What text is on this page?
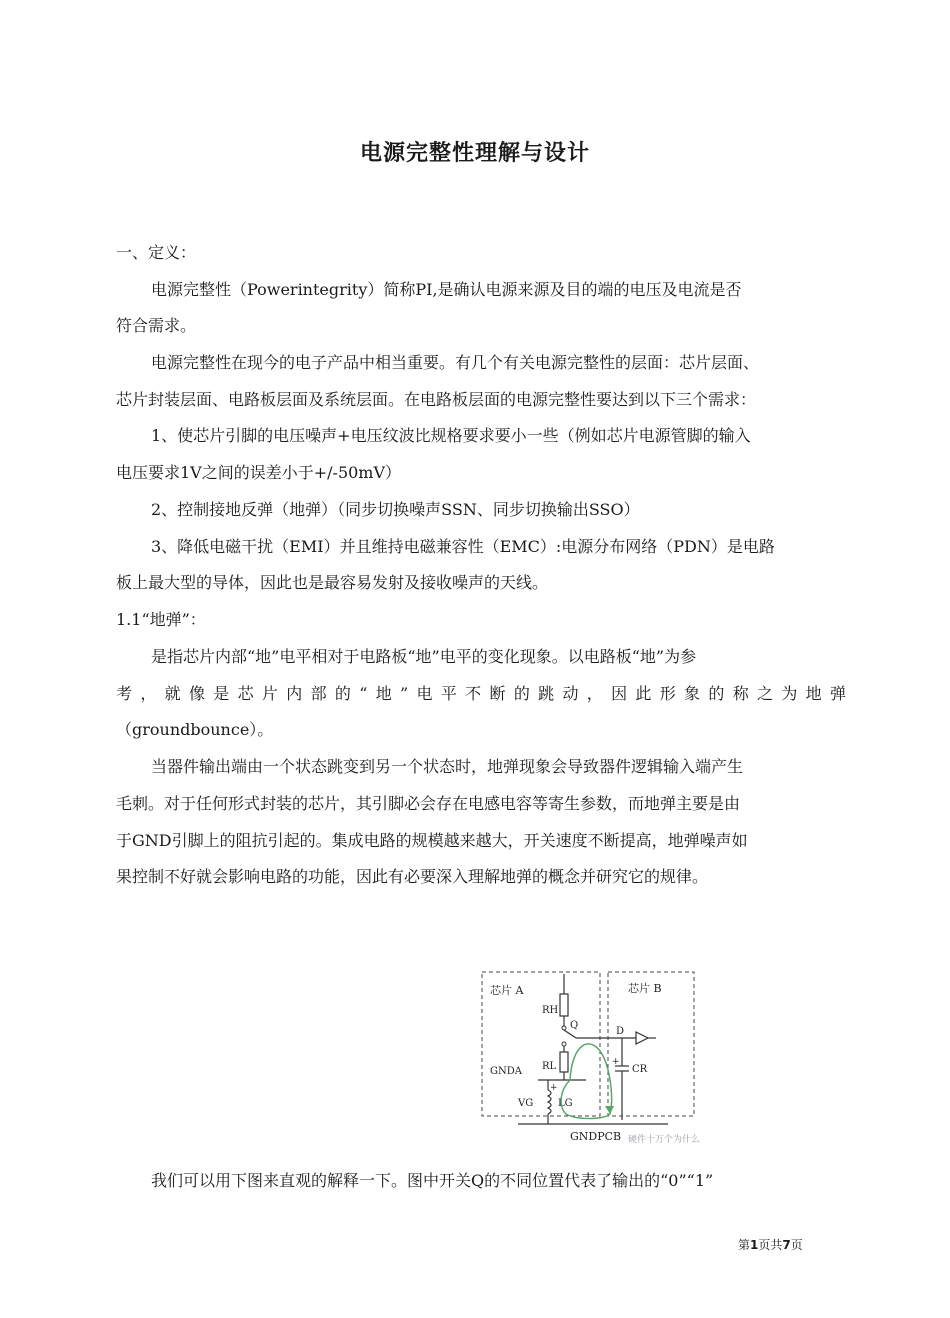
电源完整性理解与设计
一、定义：
电源完整性（Powerintegrity）简称PI,是确认电源来源及目的端的电压及电流是否
符合需求。
电源完整性在现今的电子产品中相当重要。有几个有关电源完整性的层面：芯片层面、
芯片封装层面、电路板层面及系统层面。在电路板层面的电源完整性要达到以下三个需求：
1、使芯片引脚的电压噪声+电压纹波比规格要求要小一些（例如芯片电源管脚的输入
电压要求1V之间的误差小于+/-50mV）
2、控制接地反弹（地弹）（同步切换噪声SSN、同步切换输出SSO）
3、降低电磁干扰（EMI）并且维持电磁兼容性（EMC）:电源分布网络（PDN）是电路
板上最大型的导体，因此也是最容易发射及接收噪声的天线。
1.1“地弹”：
是指芯片内部“地”电平相对于电路板“地”电平的变化现象。以电路板“地”为参
考，就像是芯片内部的“地”电平不断的跳动，因此形象的称之为地弹
（groundbounce）。
当器件输出端由一个状态跳变到另一个状态时，地弹现象会导致器件逻辑输入端产生
毛刺。对于任何形式封装的芯片，其引脚必会存在电感电容等寄生参数，而地弹主要是由
于GND引脚上的阻抗引起的。集成电路的规模越来越大，开关速度不断提高，地弹噪声如
果控制不好就会影响电路的功能，因此有必要深入理解地弹的概念并研究它的规律。
芯片 A	芯片 B
RH
Q
D
RL
GNDA
+
+
CR
VG LG
GNDPCB 硬件十万个为什么
我们可以用下图来直观的解释一下。图中开关Q的不同位置代表了输出的“0”“1”
第1页共7页
